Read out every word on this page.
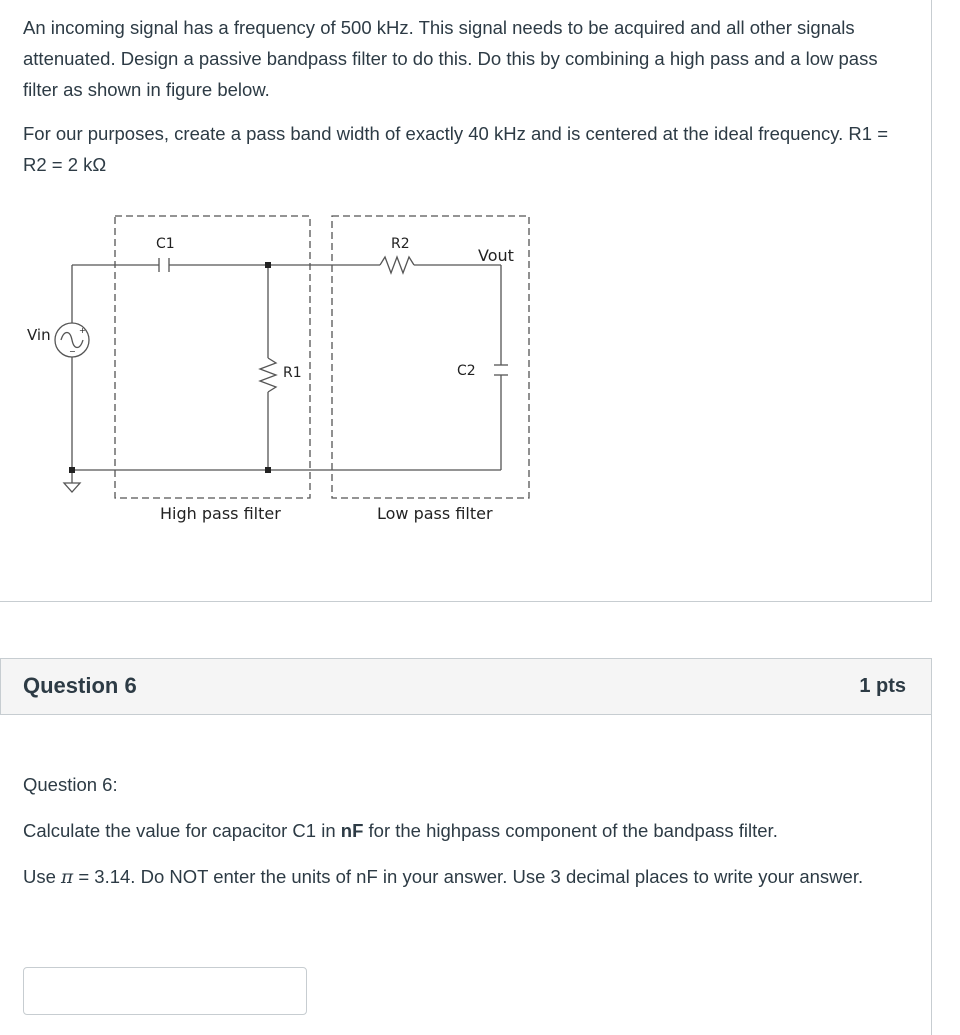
An incoming signal has a frequency of 500 kHz. This signal needs to be acquired and all other signals attenuated. Design a passive bandpass filter to do this. Do this by combining a high pass and a low pass filter as shown in figure below.

For our purposes, create a pass band width of exactly 40 kHz and is centered at the ideal frequency. R1 = R2 = 2 kΩ

+
−
C1	R2
Vout
Vin
R1	C2
High pass filter	Low pass filter
Question 6	1 pts

Question 6:

Calculate the value for capacitor C1 in nF for the highpass component of the bandpass filter.

Use π = 3.14. Do NOT enter the units of nF in your answer. Use 3 decimal places to write your answer.
